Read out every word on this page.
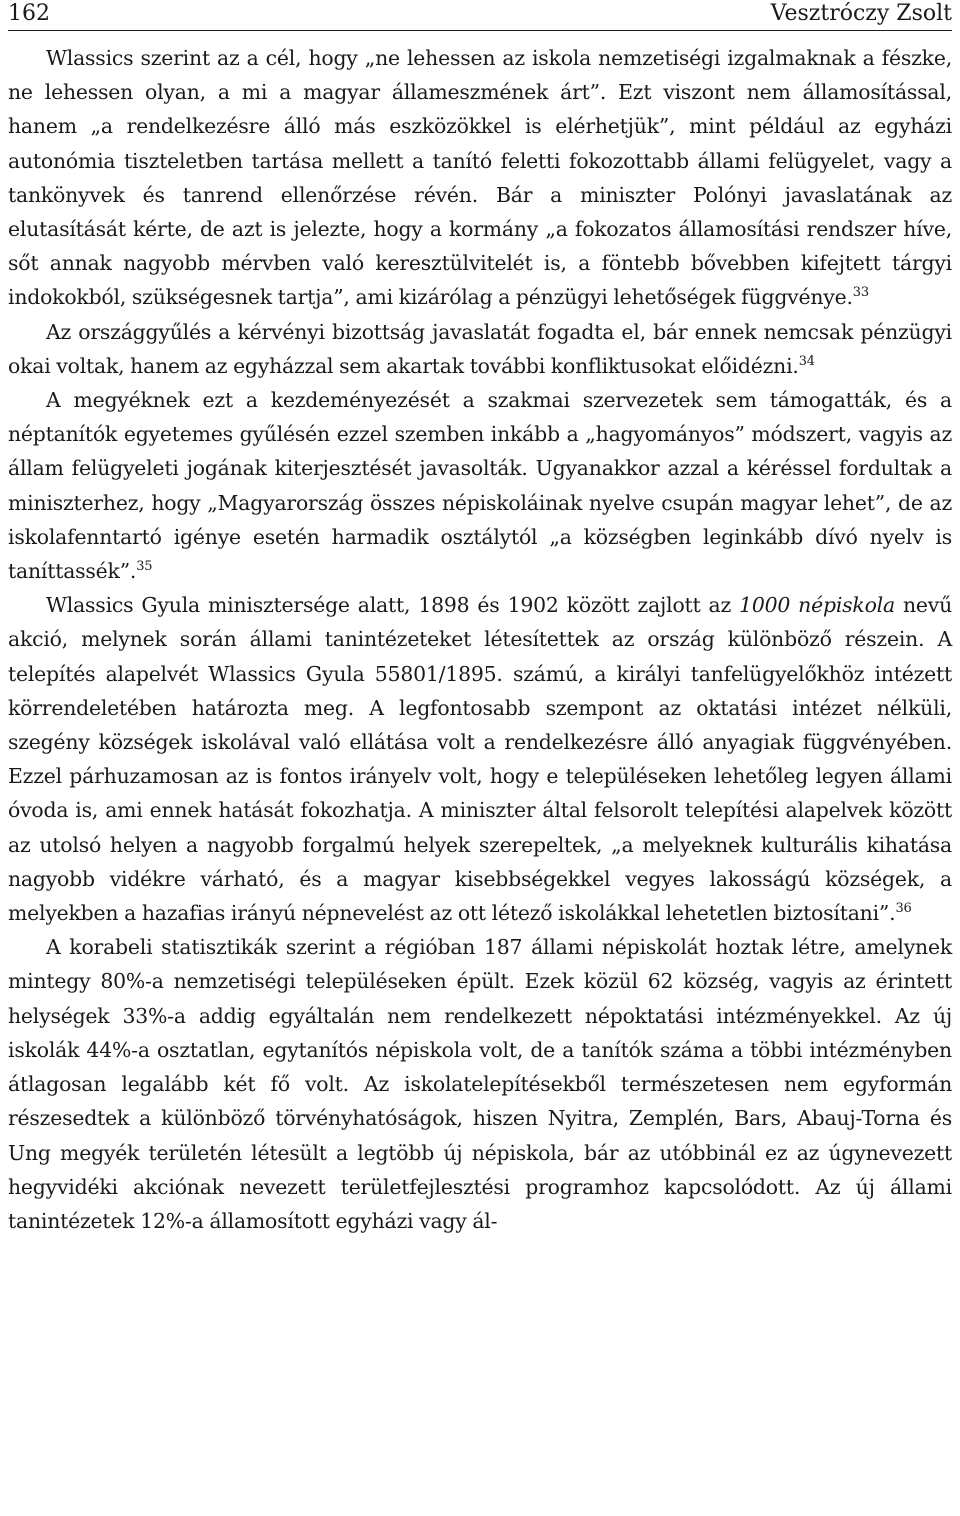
162	Vesztróczy Zsolt

Wlassics szerint az a cél, hogy „ne lehessen az iskola nemzetiségi izgalmaknak a fészke, ne lehessen olyan, a mi a magyar állameszmének árt”. Ezt viszont nem államosítással, hanem „a rendelkezésre álló más eszközökkel is elérhetjük”, mint például az egyházi autonómia tiszteletben tartása mellett a tanító feletti fokozottabb állami felügyelet, vagy a tankönyvek és tanrend ellenőrzése révén. Bár a miniszter Polónyi javaslatának az elutasítását kérte, de azt is jelezte, hogy a kormány „a fokozatos államosítási rendszer híve, sőt annak nagyobb mérvben való keresztülvitelét is, a föntebb bővebben kifejtett tárgyi indokokból, szükségesnek tartja”, ami kizárólag a pénzügyi lehetőségek függvénye.$^{33}$

Az országgyűlés a kérvényi bizottság javaslatát fogadta el, bár ennek nemcsak pénzügyi okai voltak, hanem az egyházzal sem akartak további konfliktusokat előidézni.$^{34}$

A megyéknek ezt a kezdeményezését a szakmai szervezetek sem támogatták, és a néptanítók egyetemes gyűlésén ezzel szemben inkább a „hagyományos” módszert, vagyis az állam felügyeleti jogának kiterjesztését javasolták. Ugyanakkor azzal a kéréssel fordultak a miniszterhez, hogy „Magyarország összes népiskoláinak nyelve csupán magyar lehet”, de az iskolafenntartó igénye esetén harmadik osztálytól „a községben leginkább dívó nyelv is taníttassék”.$^{35}$

Wlassics Gyula minisztersége alatt, 1898 és 1902 között zajlott az 1000 népiskola nevű akció, melynek során állami tanintézeteket létesítettek az ország különböző részein. A telepítés alapelvét Wlassics Gyula 55801/1895. számú, a királyi tanfelügyelőkhöz intézett körrendeletében határozta meg. A legfontosabb szempont az oktatási intézet nélküli, szegény községek iskolával való ellátása volt a rendelkezésre álló anyagiak függvényében. Ezzel párhuzamosan az is fontos irányelv volt, hogy e településeken lehetőleg legyen állami óvoda is, ami ennek hatását fokozhatja. A miniszter által felsorolt telepítési alapelvek között az utolsó helyen a nagyobb forgalmú helyek szerepeltek, „a melyeknek kulturális kihatása nagyobb vidékre várható, és a magyar kisebbségekkel vegyes lakosságú községek, a melyekben a hazafias irányú népnevelést az ott létező iskolákkal lehetetlen biztosítani”.$^{36}$

A korabeli statisztikák szerint a régióban 187 állami népiskolát hoztak létre, amelynek mintegy 80%-a nemzetiségi településeken épült. Ezek közül 62 község, vagyis az érintett helységek 33%-a addig egyáltalán nem rendelkezett népoktatási intézményekkel. Az új iskolák 44%-a osztatlan, egytanítós népiskola volt, de a tanítók száma a többi intézményben átlagosan legalább két fő volt. Az iskolatelepítésekből természetesen nem egyformán részesedtek a különböző törvényhatóságok, hiszen Nyitra, Zemplén, Bars, Abauj-Torna és Ung megyék területén létesült a legtöbb új népiskola, bár az utóbbinál ez az úgynevezett hegyvidéki akciónak nevezett területfejlesztési programhoz kapcsolódott. Az új állami tanintézetek 12%-a államosított egyházi vagy ál-
